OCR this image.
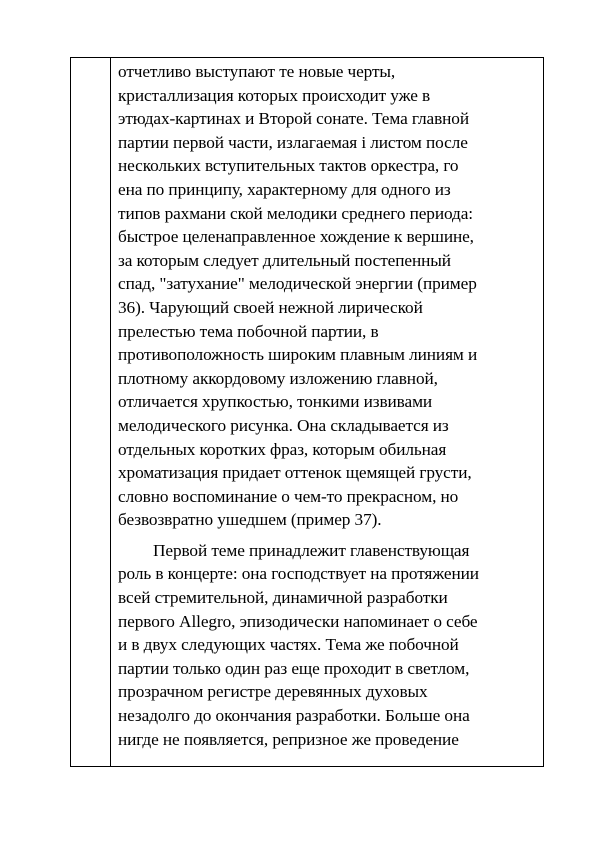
отчетливо выступают те новые черты,
кристаллизация которых происходит уже в
этюдах-картинах и Второй сонате. Тема главной
партии первой части, излагаемая і листом после
нескольких вступительных тактов оркестра, го
ена по принципу, характерному для одного из
типов рахмани ской мелодики среднего периода:
быстрое целенаправленное хождение к вершине,
за которым следует длительный постепенный
спад, "затухание" мелодической энергии (пример
36). Чарующий своей нежной лирической
прелестью тема побочной партии, в
противоположность широким плавным линиям и
плотному аккордовому изложению главной,
отличается хрупкостью, тонкими извивами
мелодического рисунка. Она складывается из
отдельных коротких фраз, которым обильная
хроматизация придает оттенок щемящей грусти,
словно воспоминание о чем-то прекрасном, но
безвозвратно ушедшем (пример 37).
Первой теме принадлежит главенствующая
роль в концерте: она господствует на протяжении
всей стремительной, динамичной разработки
первого Allegro, эпизодически напоминает о себе
и в двух следующих частях. Тема же побочной
партии только один раз еще проходит в светлом,
прозрачном регистре деревянных духовых
незадолго до окончания разработки. Больше она
нигде не появляется, репризное же проведение
